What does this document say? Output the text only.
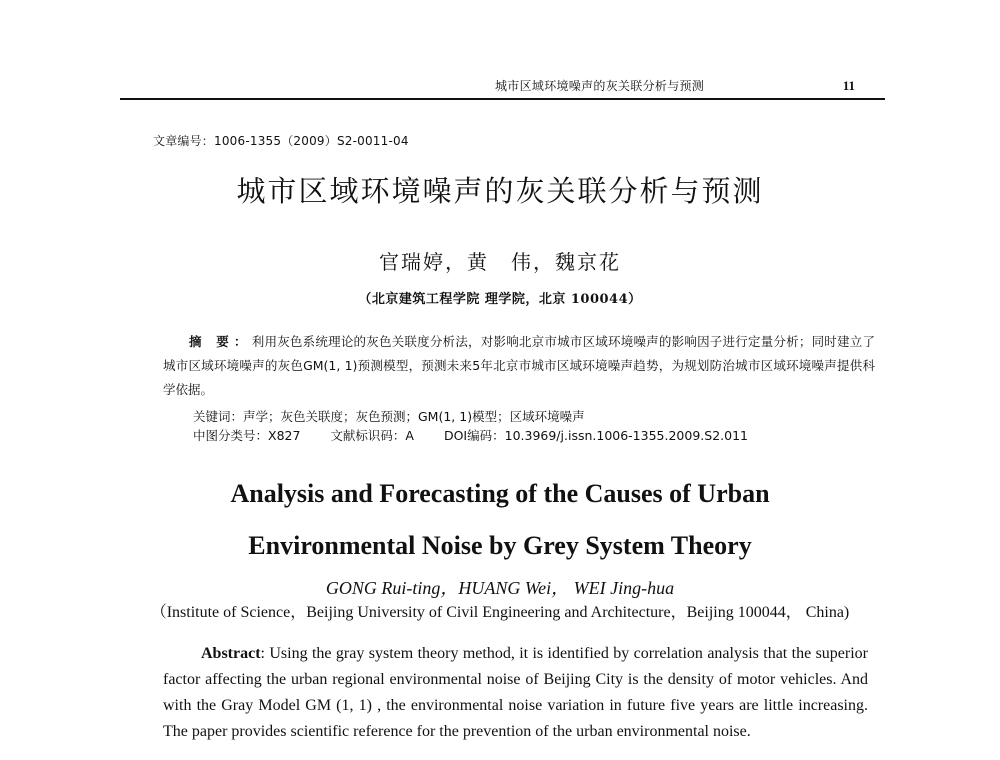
城市区域环境噪声的灰关联分析与预测	11
文章编号：1006-1355（2009）S2-0011-04
城市区域环境噪声的灰关联分析与预测
官瑞婷，黄　伟，魏京花
（北京建筑工程学院 理学院，北京 100044）
摘 要：利用灰色系统理论的灰色关联度分析法，对影响北京市城市区域环境噪声的影响因子进行定量分析；同时建立了城市区域环境噪声的灰色GM(1, 1)预测模型，预测未来5年北京市城市区域环境噪声趋势，为规划防治城市区域环境噪声提供科学依据。
关键词：声学；灰色关联度；灰色预测；GM(1, 1)模型；区域环境噪声
中图分类号：X827 文献标识码：A DOI编码：10.3969/j.issn.1006-1355.2009.S2.011
Analysis and Forecasting of the Causes of Urban
Environmental Noise by Grey System Theory
GONG Rui-ting，HUANG Wei， WEI Jing-hua
（Institute of Science，Beijing University of Civil Engineering and Architecture，Beijing 100044， China)
Abstract: Using the gray system theory method, it is identified by correlation analysis that the superior factor affecting the urban regional environmental noise of Beijing City is the density of motor vehicles. And with the Gray Model GM (1, 1) , the environmental noise variation in future five years are little increasing. The paper provides scientific reference for the prevention of the urban environmental noise.
